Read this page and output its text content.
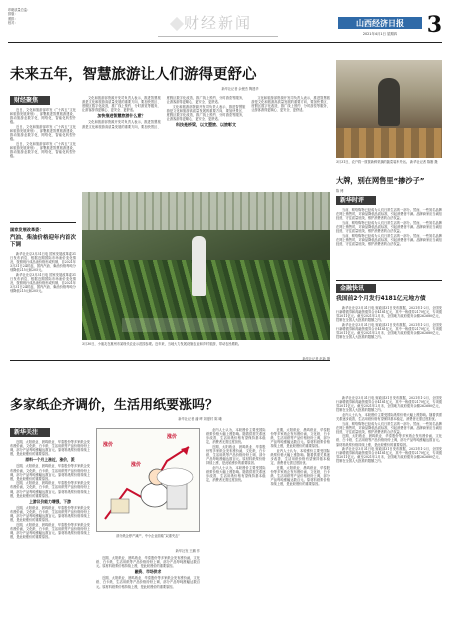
印刷质量总监：
排版：
照排：
校对：	财经新闻	山西经济日报
2021年4月1日 星期四	3
未来五年，智慧旅游让人们游得更舒心
新华社记者 余俊杰 陶建华
财经聚焦

近日，文化和旅游部印发《“十四五”文化和旅游发展规划》，部署推进智慧旅游建设，推动旅游业数字化、网络化、智能化转型升级。

近日，文化和旅游部印发《“十四五”文化和旅游发展规划》，部署推进智慧旅游建设，推动旅游业数字化、网络化、智能化转型升级。

近日，文化和旅游部印发《“十四五”文化和旅游发展规划》，部署推进智慧旅游建设，推动旅游业数字化、网络化、智能化转型升级。

国家发展改革委：
汽油、柴油价格迎年内首次下调

新华社北京3月31日电 国家发展改革委31日发布消息，根据近期国际市场油价变化情况，按照现行成品油价格形成机制，自2021年3月31日24时起，国内汽油、柴油价格每吨分别降低215元和205元。

新华社北京3月31日电 国家发展改革委31日发布消息，根据近期国际市场油价变化情况，按照现行成品油价格形成机制，自2021年3月31日24时起，国内汽油、柴油价格每吨分别降低215元和205元。

文化和旅游部资源开发司负责人表示，推进智慧旅游是文化和旅游高质量发展的重要方向，要加快景区、度假区数字化改造，推广线上预约、分时游览等服务，让游客游得更顺心、更安全、更舒适。

加快推进智慧旅游什么意？

文化和旅游部资源开发司负责人表示，推进智慧旅游是文化和旅游高质量发展的重要方向，要加快景区、度假区数字化改造，推广线上预约、分时游览等服务，让游客游得更顺心、更安全、更舒适。

文化和旅游部资源开发司负责人表示，推进智慧旅游是文化和旅游高质量发展的重要方向，要加快景区、度假区数字化改造，推广线上预约、分时游览等服务，让游客游得更顺心、更安全、更舒适。

科技是桥梁，以文塑旅、以旅彰文

文化和旅游部资源开发司负责人表示，推进智慧旅游是文化和旅游高质量发展的重要方向，要加快景区、度假区数字化改造，推广线上预约、分时游览等服务，让游客游得更顺心、更安全、更舒适。

3月30日，小朋友在惠州市某现代农业示范园参观。近年来，当地大力发展设施农业和乡村旅游，带动农民增收。
新华社记者 赵新 摄
3月31日，农户将一筐筐新鲜采摘的蔬菜装车外运。 新华社记者 陈刚 摄
大牌，别在网售里“掺沙子”
陈 博
新华时评

当前，网络购物已经成为人们日常生活的一部分。然而，一些知名品牌在网上销售时，对商品降低品质标准，引起消费者不满。品牌商家应当诚信经营，守住质量底线，维护消费者的合法权益。

当前，网络购物已经成为人们日常生活的一部分。然而，一些知名品牌在网上销售时，对商品降低品质标准，引起消费者不满。品牌商家应当诚信经营，守住质量底线，维护消费者的合法权益。

当前，网络购物已经成为人们日常生活的一部分。然而，一些知名品牌在网上销售时，对商品降低品质标准，引起消费者不满。品牌商家应当诚信经营，守住质量底线，维护消费者的合法权益。

金融快讯
我国前2个月发行4181亿元地方债

新华社北京3月31日电 财政部31日发布数据，2021年1-2月，全国发行新增债券和再融资债券合计4181亿元，其中一般债券2170亿元、专项债券2011亿元。截至2021年2月末，全国地方政府债务余额262680亿元，控制在全国人大批准的限额之内。

新华社北京3月31日电 财政部31日发布数据，2021年1-2月，全国发行新增债券和再融资债券合计4181亿元，其中一般债券2170亿元、专项债券2011亿元。截至2021年2月末，全国地方政府债务余额262680亿元，控制在全国人大批准的限额之内。

多家纸企齐调价，生活用纸要涨吗？
新华社记者 潘 晔 刘夏村 陈 曦
新华关注

近期，太阳纸业、晨鸣纸业、华泰股份等多家纸企发布涨价函，文化纸、白卡纸、生活用纸等产品价格纷纷上调，部分产品每吨涨幅达数百元。原材料纸浆价格持续上涨，是此轮涨价的重要原因。

原料一个月上涨近，涨价，派

近期，太阳纸业、晨鸣纸业、华泰股份等多家纸企发布涨价函，文化纸、白卡纸、生活用纸等产品价格纷纷上调，部分产品每吨涨幅达数百元。原材料纸浆价格持续上涨，是此轮涨价的重要原因。

近期，太阳纸业、晨鸣纸业、华泰股份等多家纸企发布涨价函，文化纸、白卡纸、生活用纸等产品价格纷纷上调，部分产品每吨涨幅达数百元。原材料纸浆价格持续上涨，是此轮涨价的重要原因。

上游议价能力增强，下游

近期，太阳纸业、晨鸣纸业、华泰股份等多家纸企发布涨价函，文化纸、白卡纸、生活用纸等产品价格纷纷上调，部分产品每吨涨幅达数百元。原材料纸浆价格持续上涨，是此轮涨价的重要原因。

近期，太阳纸业、晨鸣纸业、华泰股份等多家纸企发布涨价函，文化纸、白卡纸、生活用纸等产品价格纷纷上调，部分产品每吨涨幅达数百元。原材料纸浆价格持续上涨，是此轮涨价的重要原因。

涨价
涨价
涨价
部分纸企停产减产，中小企业面临“双重夹击”
新华社发 王鹏 作

近期，太阳纸业、晨鸣纸业、华泰股份等多家纸企发布涨价函，文化纸、白卡纸、生活用纸等产品价格纷纷上调，部分产品每吨涨幅达数百元。原材料纸浆价格持续上涨，是此轮涨价的重要原因。

融资、市场供求

近期，太阳纸业、晨鸣纸业、华泰股份等多家纸企发布涨价函，文化纸、白卡纸、生活用纸等产品价格纷纷上调，部分产品每吨涨幅达数百元。原材料纸浆价格持续上涨，是此轮涨价的重要原因。

业内人士认为，本轮涨价主要受国际纸浆价格大幅上涨影响。随着供需关系逐步改善，生活用纸价格有望保持基本稳定，消费者无需过度担忧。

近期，太阳纸业、晨鸣纸业、华泰股份等多家纸企发布涨价函，文化纸、白卡纸、生活用纸等产品价格纷纷上调，部分产品每吨涨幅达数百元。原材料纸浆价格持续上涨，是此轮涨价的重要原因。

业内人士认为，本轮涨价主要受国际纸浆价格大幅上涨影响。随着供需关系逐步改善，生活用纸价格有望保持基本稳定，消费者无需过度担忧。

近期，太阳纸业、晨鸣纸业、华泰股份等多家纸企发布涨价函，文化纸、白卡纸、生活用纸等产品价格纷纷上调，部分产品每吨涨幅达数百元。原材料纸浆价格持续上涨，是此轮涨价的重要原因。

业内人士认为，本轮涨价主要受国际纸浆价格大幅上涨影响。随着供需关系逐步改善，生活用纸价格有望保持基本稳定，消费者无需过度担忧。

近期，太阳纸业、晨鸣纸业、华泰股份等多家纸企发布涨价函，文化纸、白卡纸、生活用纸等产品价格纷纷上调，部分产品每吨涨幅达数百元。原材料纸浆价格持续上涨，是此轮涨价的重要原因。

新华社北京3月31日电 财政部31日发布数据，2021年1-2月，全国发行新增债券和再融资债券合计4181亿元，其中一般债券2170亿元、专项债券2011亿元。截至2021年2月末，全国地方政府债务余额262680亿元，控制在全国人大批准的限额之内。

业内人士认为，本轮涨价主要受国际纸浆价格大幅上涨影响。随着供需关系逐步改善，生活用纸价格有望保持基本稳定，消费者无需过度担忧。

当前，网络购物已经成为人们日常生活的一部分。然而，一些知名品牌在网上销售时，对商品降低品质标准，引起消费者不满。品牌商家应当诚信经营，守住质量底线，维护消费者的合法权益。

近期，太阳纸业、晨鸣纸业、华泰股份等多家纸企发布涨价函，文化纸、白卡纸、生活用纸等产品价格纷纷上调，部分产品每吨涨幅达数百元。原材料纸浆价格持续上涨，是此轮涨价的重要原因。

新华社北京3月31日电 财政部31日发布数据，2021年1-2月，全国发行新增债券和再融资债券合计4181亿元，其中一般债券2170亿元、专项债券2011亿元。截至2021年2月末，全国地方政府债务余额262680亿元，控制在全国人大批准的限额之内。
